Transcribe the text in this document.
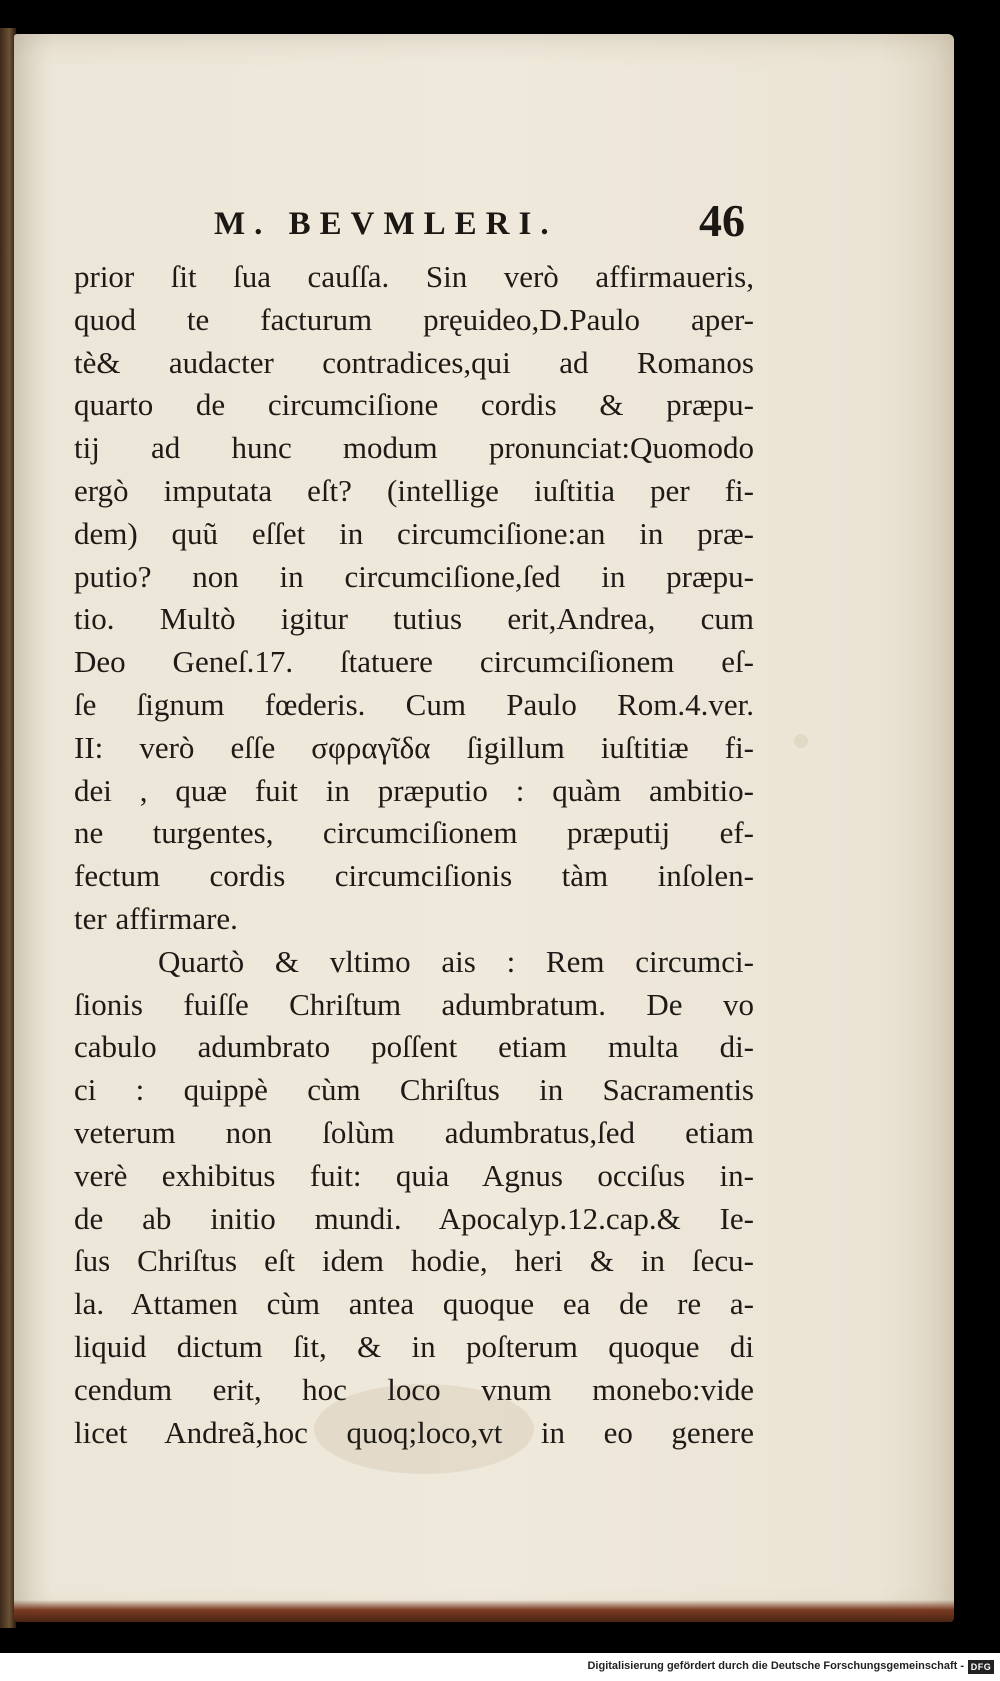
M. BEVMLERI.	46
prior ſit ſua cauſſa. Sin verò affirmaueris,
quod te facturum pręuideo,D.Paulo aper-
tè& audacter contradices,qui ad Romanos
quarto de circumciſione cordis & præpu-
tij ad hunc modum pronunciat:Quomodo
ergò imputata eſt? (intellige iuſtitia per fi-
dem) quũ eſſet in circumciſione:an in præ-
putio? non in circumciſione,ſed in præpu-
tio. Multò igitur tutius erit,Andrea, cum
Deo Geneſ.17. ſtatuere circumciſionem eſ-
ſe ſignum fœderis. Cum Paulo Rom.4.ver.
II: verò eſſe σφραγῖδα ſigillum iuſtitiæ fi-
dei , quæ fuit in præputio : quàm ambitio-
ne turgentes, circumciſionem præputij ef-
fectum cordis circumciſionis tàm inſolen-
ter affirmare.
Quartò & vltimo ais : Rem circumci-
ſionis fuiſſe Chriſtum adumbratum. De vo
cabulo adumbrato poſſent etiam multa di-
ci : quippè cùm Chriſtus in Sacramentis
veterum non ſolùm adumbratus,ſed etiam
verè exhibitus fuit: quia Agnus occiſus in-
de ab initio mundi. Apocalyp.12.cap.& Ie-
ſus Chriſtus eſt idem hodie, heri & in ſecu-
la. Attamen cùm antea quoque ea de re a-
liquid dictum ſit, & in poſterum quoque di
cendum erit, hoc loco vnum monebo:vide
licet Andreã,hoc quoq;loco,vt in eo genere
Digitalisierung gefördert durch die Deutsche Forschungsgemeinschaft - DFG
